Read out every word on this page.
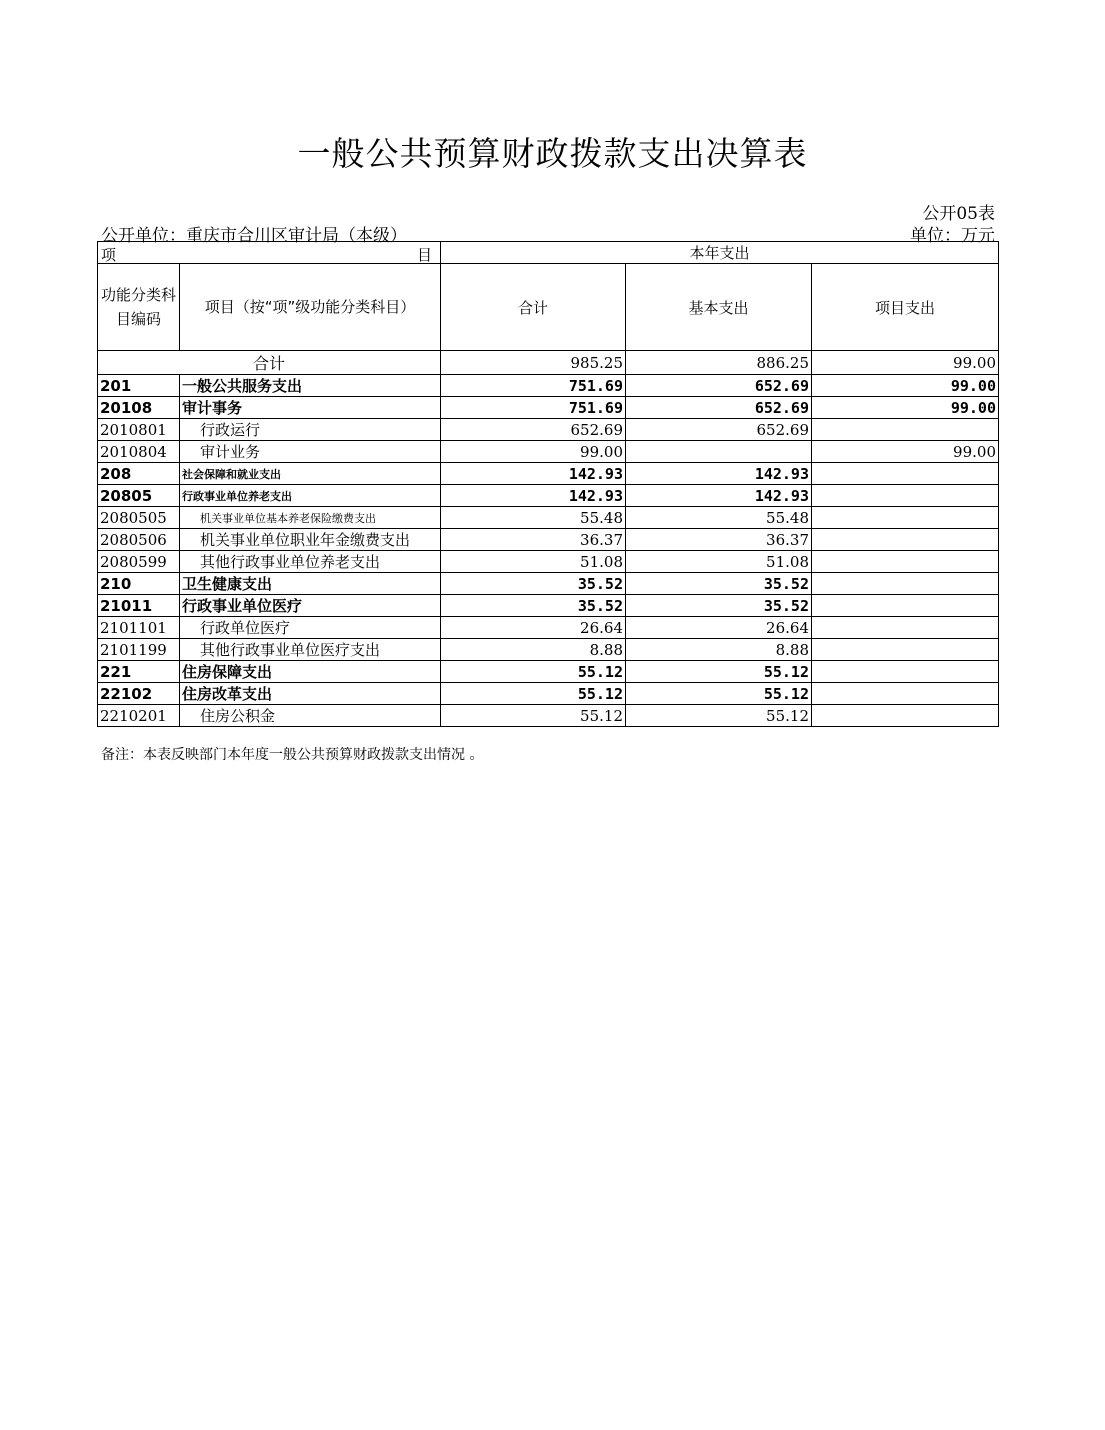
一般公共预算财政拨款支出决算表
公开05表
公开单位：重庆市合川区审计局（本级）	单位：万元
项 目		本年支出		
功能分类科目编码	项目（按“项”级功能分类科目）	合计	基本支出	项目支出
合计		985.25	886.25	99.00
201	一般公共服务支出	751.69	652.69	99.00
20108	审计事务	751.69	652.69	99.00
2010801	行政运行	652.69	652.69	
2010804	审计业务	99.00		99.00
208	社会保障和就业支出	142.93	142.93	
20805	行政事业单位养老支出	142.93	142.93	
2080505	机关事业单位基本养老保险缴费支出	55.48	55.48	
2080506	机关事业单位职业年金缴费支出	36.37	36.37	
2080599	其他行政事业单位养老支出	51.08	51.08	
210	卫生健康支出	35.52	35.52	
21011	行政事业单位医疗	35.52	35.52	
2101101	行政单位医疗	26.64	26.64	
2101199	其他行政事业单位医疗支出	8.88	8.88	
221	住房保障支出	55.12	55.12	
22102	住房改革支出	55.12	55.12	
2210201	住房公积金	55.12	55.12	
备注：本表反映部门本年度一般公共预算财政拨款支出情况 。
